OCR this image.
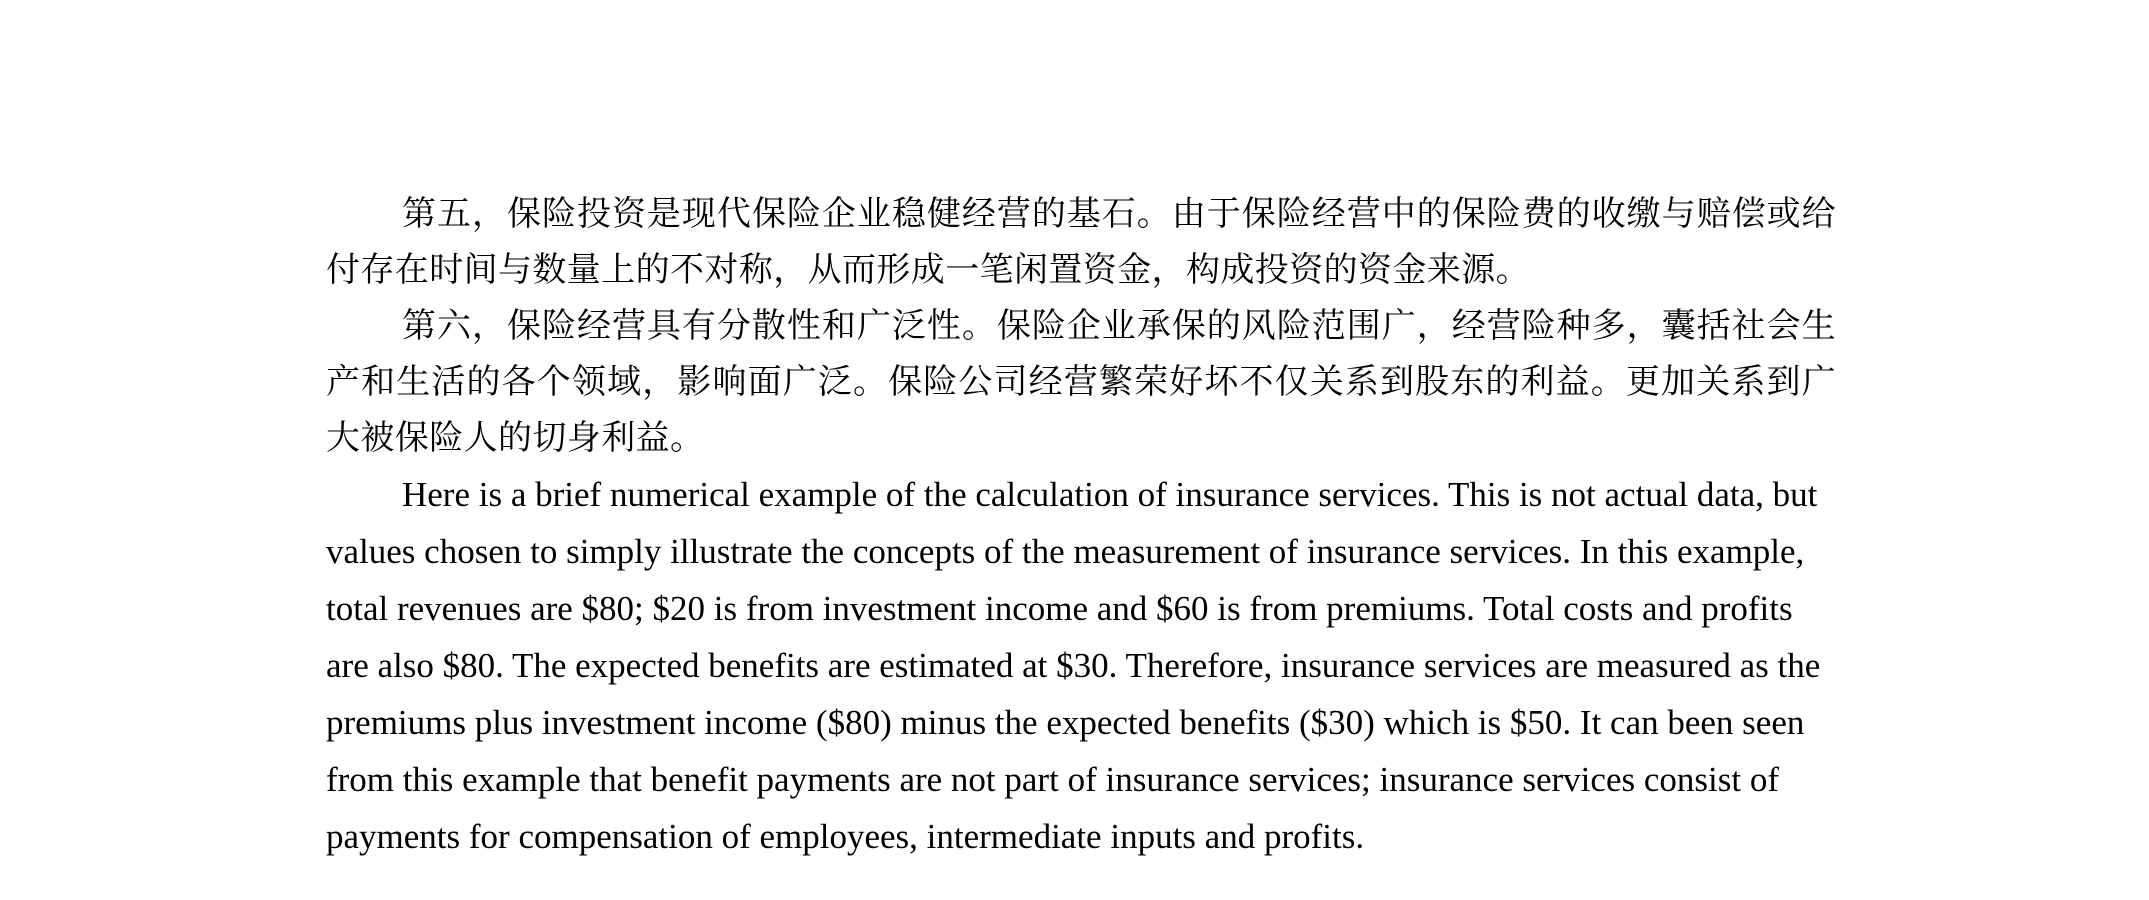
第五，保险投资是现代保险企业稳健经营的基石。由于保险经营中的保险费的收缴与赔偿或给付存在时间与数量上的不对称，从而形成一笔闲置资金，构成投资的资金来源。

第六，保险经营具有分散性和广泛性。保险企业承保的风险范围广，经营险种多，囊括社会生产和生活的各个领域，影响面广泛。保险公司经营繁荣好坏不仅关系到股东的利益。更加关系到广大被保险人的切身利益。

Here is a brief numerical example of the calculation of insurance services. This is not actual data, but values chosen to simply illustrate the concepts of the measurement of insurance services. In this example, total revenues are $80; $20 is from investment income and $60 is from premiums. Total costs and profits are also $80. The expected benefits are estimated at $30. Therefore, insurance services are measured as the premiums plus investment income ($80) minus the expected benefits ($30) which is $50. It can been seen from this example that benefit payments are not part of insurance services; insurance services consist of payments for compensation of employees, intermediate inputs and profits.
